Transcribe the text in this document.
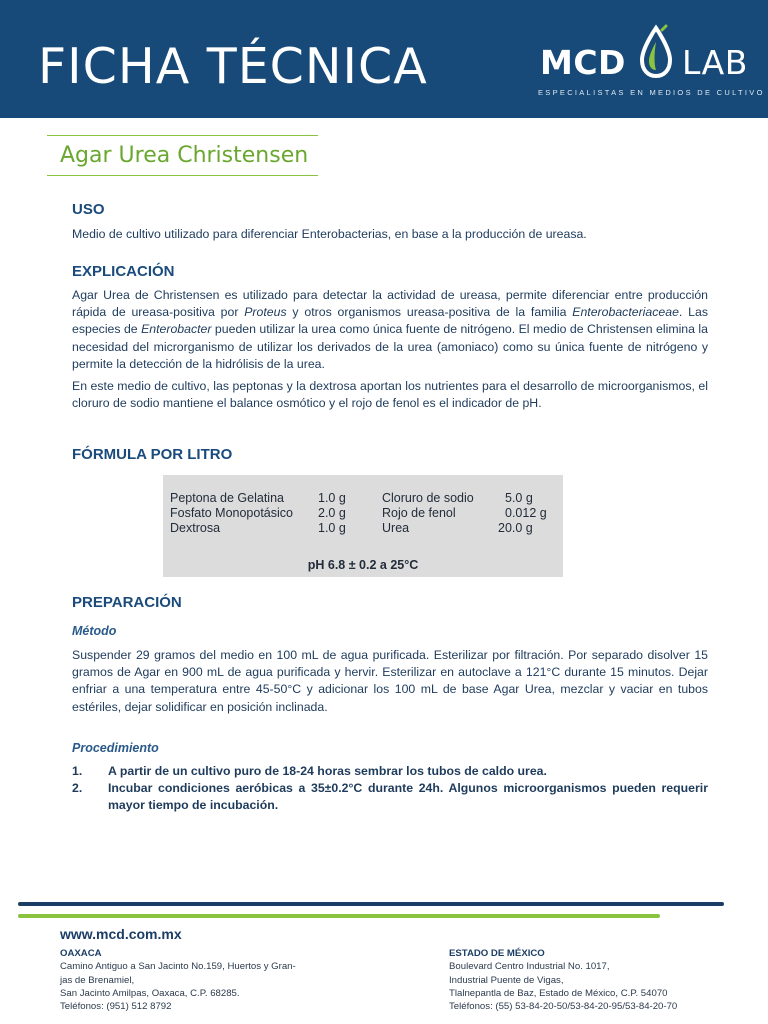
FICHA TÉCNICA	MCD LAB
ESPECIALISTAS EN MEDIOS DE CULTIVO
Agar Urea Christensen
USO
Medio de cultivo utilizado para diferenciar Enterobacterias, en base a la producción de ureasa.
EXPLICACIÓN
Agar Urea de Christensen es utilizado para detectar la actividad de ureasa, permite diferenciar entre producción rápida de ureasa-positiva por Proteus y otros organismos ureasa-positiva de la familia Enterobacteriaceae. Las especies de Enterobacter pueden utilizar la urea como única fuente de nitrógeno. El medio de Christensen elimina la necesidad del microrganismo de utilizar los derivados de la urea (amoniaco) como su única fuente de nitrógeno y permite la detección de la hidrólisis de la urea.
En este medio de cultivo, las peptonas y la dextrosa aportan los nutrientes para el desarrollo de microorganismos, el cloruro de sodio mantiene el balance osmótico y el rojo de fenol es el indicador de pH.
FÓRMULA POR LITRO
Peptona de Gelatina	1.0 g	Cloruro de sodio	5.0 g
Fosfato Monopotásico 2.0 g	Rojo de fenol	0.012 g
Dextrosa	1.0 g	Urea	20.0 g
pH 6.8 ± 0.2 a 25°C
PREPARACIÓN
Método
Suspender 29 gramos del medio en 100 mL de agua purificada. Esterilizar por filtración. Por separado disolver 15 gramos de Agar en 900 mL de agua purificada y hervir. Esterilizar en autoclave a 121°C durante 15 minutos. Dejar enfriar a una temperatura entre 45-50°C y adicionar los 100 mL de base Agar Urea, mezclar y vaciar en tubos estériles, dejar solidificar en posición inclinada.
Procedimiento
1. A partir de un cultivo puro de 18-24 horas sembrar los tubos de caldo urea.
2. Incubar condiciones aeróbicas a 35±0.2°C durante 24h. Algunos microorganismos pueden requerir mayor tiempo de incubación.
www.mcd.com.mx
OAXACA
Camino Antiguo a San Jacinto No.159, Huertos y Gran-
jas de Brenamiel,
San Jacinto Amilpas, Oaxaca, C.P. 68285.
Teléfonos: (951) 512 8792
ESTADO DE MÉXICO
Boulevard Centro Industrial No. 1017,
Industrial Puente de Vigas,
Tlalnepantla de Baz, Estado de México, C.P. 54070
Teléfonos: (55) 53-84-20-50/53-84-20-95/53-84-20-70
